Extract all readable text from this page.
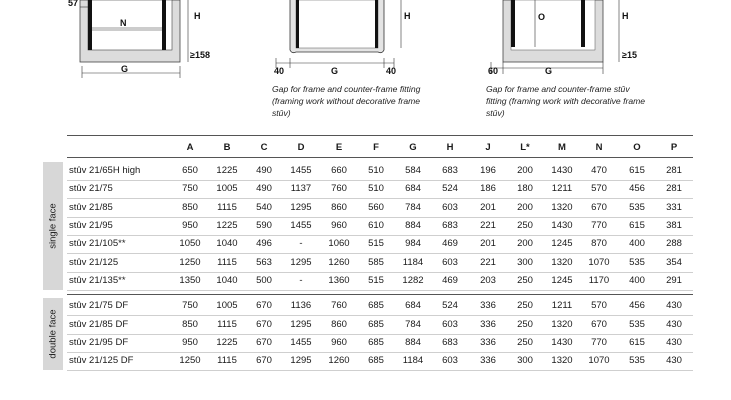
57
N
H
≥158
G
H
40	G	40
Gap for frame and counter-frame fitting (framing work without decorative frame stûv)
O	H
≥15
60	G
Gap for frame and counter-frame stûv fitting (framing work with decorative frame stûv)
A	B	C	D	E	F	G	H	J	L*	M	N	O	P
single face
double face
stûv 21/65H high	650	1225	490	1455	660	510	584	683	196	200	1430	470	615	281
stûv 21/75	750	1005	490	1137	760	510	684	524	186	180	1211	570	456	281
stûv 21/85	850	1115	540	1295	860	560	784	603	201	200	1320	670	535	331
stûv 21/95	950	1225	590	1455	960	610	884	683	221	250	1430	770	615	381
stûv 21/105**	1050	1040	496	-	1060	515	984	469	201	200	1245	870	400	288
stûv 21/125	1250	1115	563	1295	1260	585	1184	603	221	300	1320	1070	535	354
stûv 21/135**	1350	1040	500	-	1360	515	1282	469	203	250	1245	1170	400	291
stûv 21/75 DF	750	1005	670	1136	760	685	684	524	336	250	1211	570	456	430
stûv 21/85 DF	850	1115	670	1295	860	685	784	603	336	250	1320	670	535	430
stûv 21/95 DF	950	1225	670	1455	960	685	884	683	336	250	1430	770	615	430
stûv 21/125 DF	1250	1115	670	1295	1260	685	1184	603	336	300	1320	1070	535	430
